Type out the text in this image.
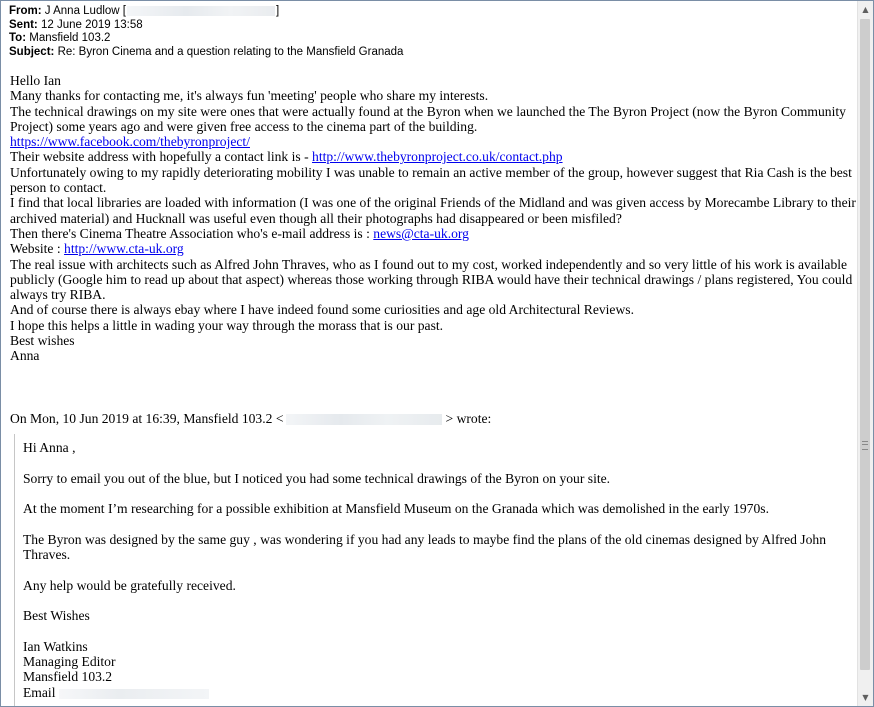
From: J Anna Ludlow [	]
Sent: 12 June 2019 13:58
To: Mansfield 103.2
Subject: Re: Byron Cinema and a question relating to the Mansfield Granada

Hello Ian

Many thanks for contacting me, it's always fun 'meeting' people who share my interests.

The technical drawings on my site were ones that were actually found at the Byron when we launched the The Byron Project (now the Byron Community Project) some years ago and were given free access to the cinema part of the building.

https://www.facebook.com/thebyronproject/

Their website address with hopefully a contact link is - http://www.thebyronproject.co.uk/contact.php

Unfortunately owing to my rapidly deteriorating mobility I was unable to remain an active member of the group, however suggest that Ria Cash is the best person to contact.

I find that local libraries are loaded with information (I was one of the original Friends of the Midland and was given access by Morecambe Library to their archived material) and Hucknall was useful even though all their photographs had disappeared or been misfiled?

Then there's Cinema Theatre Association who's e-mail address is : news@cta-uk.org

Website : http://www.cta-uk.org

The real issue with architects such as Alfred John Thraves, who as I found out to my cost, worked independently and so very little of his work is available publicly (Google him to read up about that aspect) whereas those working through RIBA would have their technical drawings / plans registered, You could always try RIBA.

And of course there is always ebay where I have indeed found some curiosities and age old Architectural Reviews.

I hope this helps a little in wading your way through the morass that is our past.

Best wishes

Anna

On Mon, 10 Jun 2019 at 16:39, Mansfield 103.2 <	> wrote:

Hi Anna ,

Sorry to email you out of the blue, but I noticed you had some technical drawings of the Byron on your site.

At the moment I’m researching for a possible exhibition at Mansfield Museum on the Granada which was demolished in the early 1970s.

The Byron was designed by the same guy , was wondering if you had any leads to maybe find the plans of the old cinemas designed by Alfred John Thraves.

Any help would be gratefully received.

Best Wishes

Ian Watkins

Managing Editor

Mansfield 103.2

Email

▲
▼
